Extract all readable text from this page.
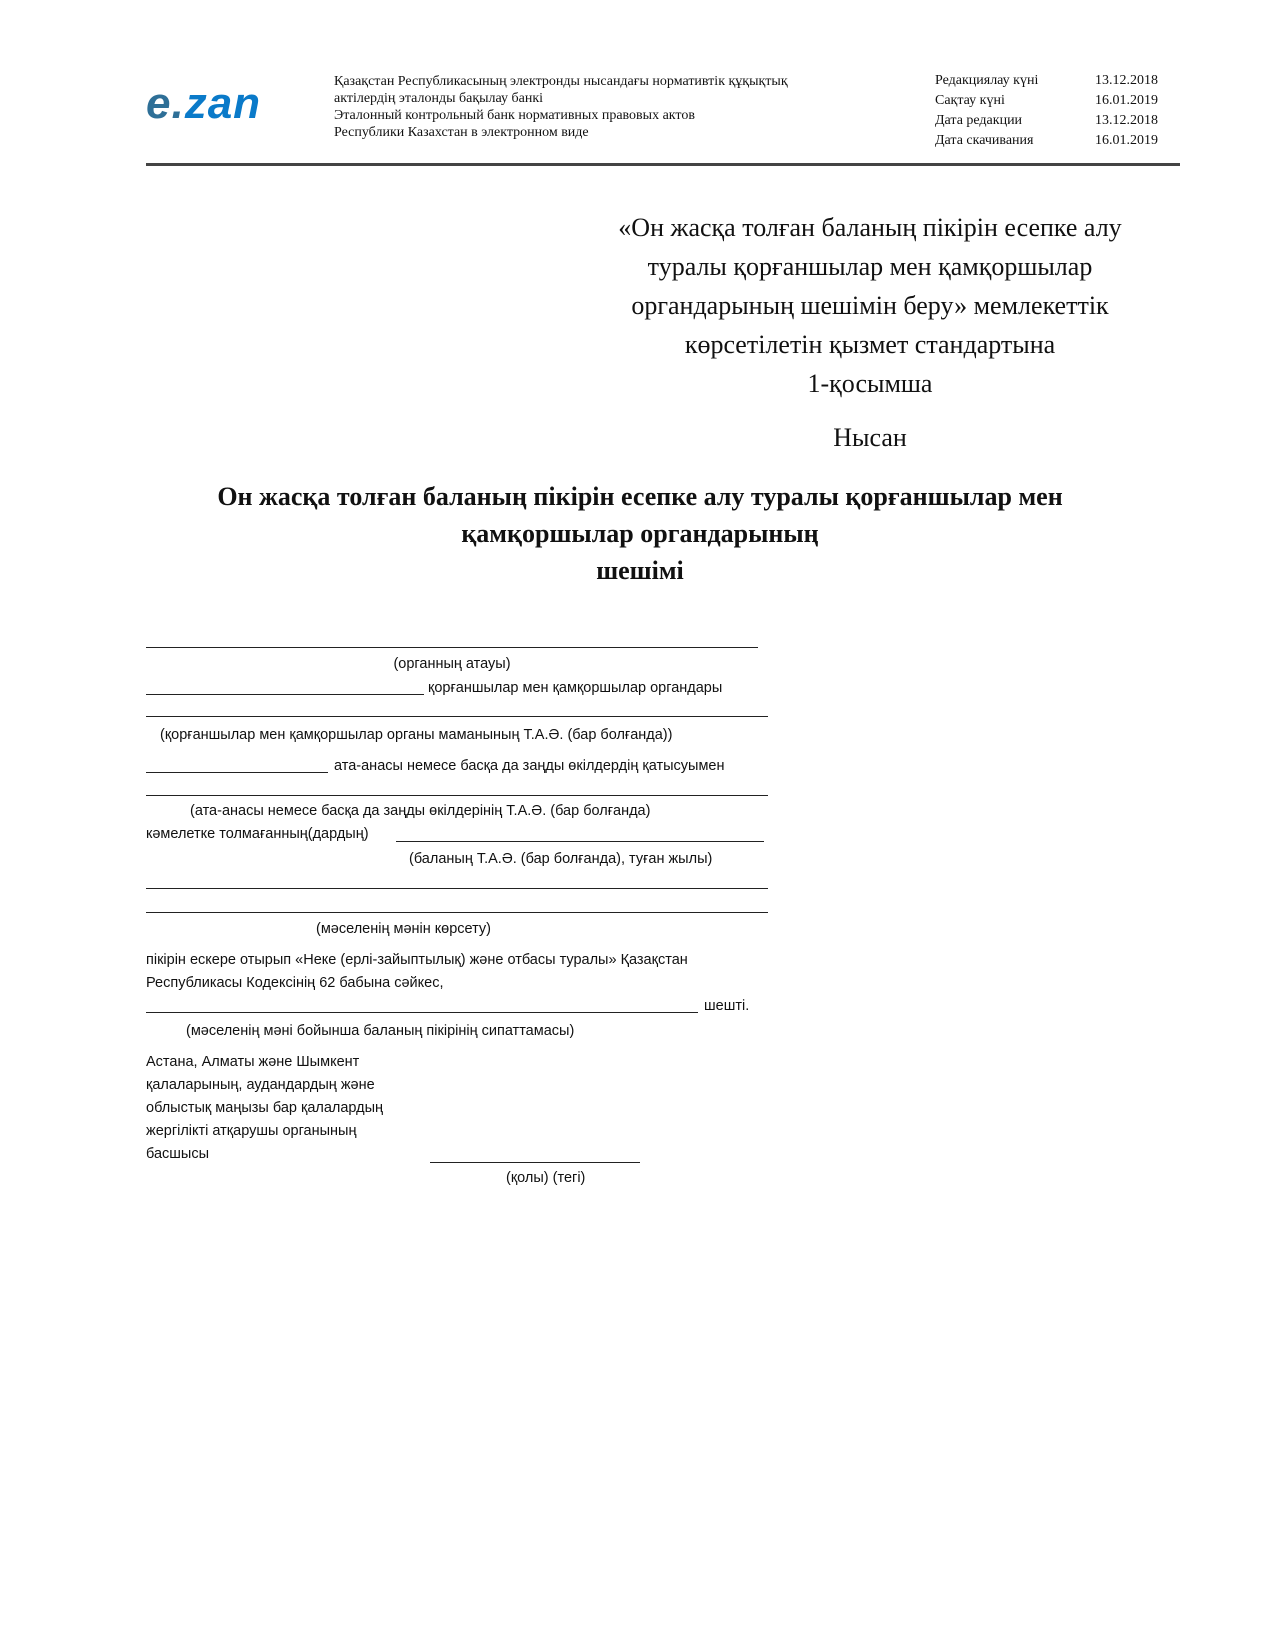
e.zan	Қазақстан Республикасының электронды нысандағы нормативтік құқықтық
актілердің эталонды бақылау банкі
Эталонный контрольный банк нормативных правовых актов
Республики Казахстан в электронном виде
Редакциялау күні	13.12.2018
Сақтау күні	16.01.2019
Дата редакции	13.12.2018
Дата скачивания	16.01.2019
«Он жасқа толған баланың пікірін есепке алу
туралы қорғаншылар мен қамқоршылар
органдарының шешімін беру» мемлекеттік
көрсетілетін қызмет стандартына
1-қосымша
Нысан
Он жасқа толған баланың пікірін есепке алу туралы қорғаншылар мен
қамқоршылар органдарының
шешімі
(органның атауы)
қорғаншылар мен қамқоршылар органдары
(қорғаншылар мен қамқоршылар органы маманының Т.А.Ә. (бар болғанда))
ата-анасы немесе басқа да заңды өкілдердің қатысуымен
(ата-анасы немесе басқа да заңды өкілдерінің Т.А.Ә. (бар болғанда)
кәмелетке толмағанның(дардың)
(баланың Т.А.Ә. (бар болғанда), туған жылы)
(мәселенің мәнін көрсету)
пікірін ескере отырып «Неке (ерлі-зайыптылық) және отбасы туралы» Қазақстан
Республикасы Кодексінің 62 бабына сәйкес,
шешті.
(мәселенің мәні бойынша баланың пікірінің сипаттамасы)
Астана, Алматы және Шымкент
қалаларының, аудандардың және
облыстық маңызы бар қалалардың
жергілікті атқарушы органының
басшысы
(қолы) (тегі)
